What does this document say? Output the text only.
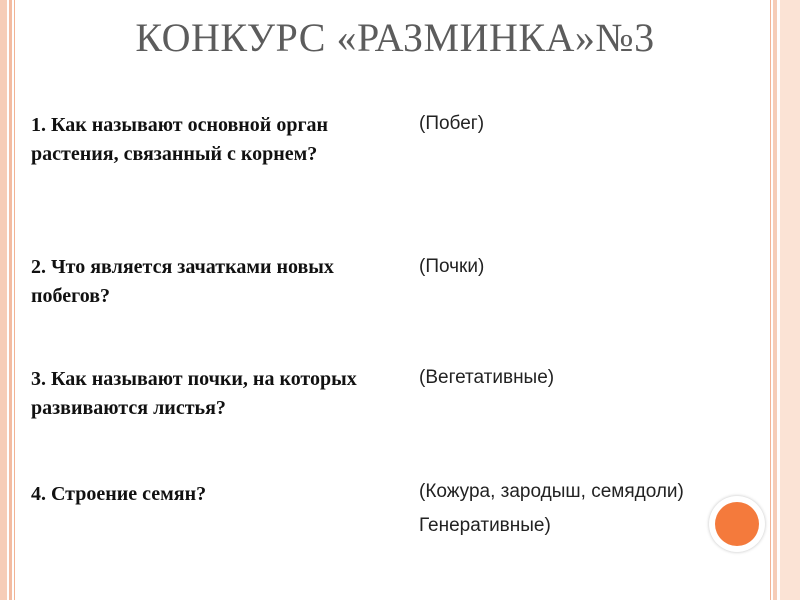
КОНКУРС «РАЗМИНКА»№3
1. Как называют основной орган растения, связанный с корнем?
(Побег)
2. Что является зачатками новых побегов?
(Почки)
3. Как называют почки, на которых развиваются листья?
(Вегетативные)
4. Строение семян?	(Кожура, зародыш, семядоли)
Генеративные)
